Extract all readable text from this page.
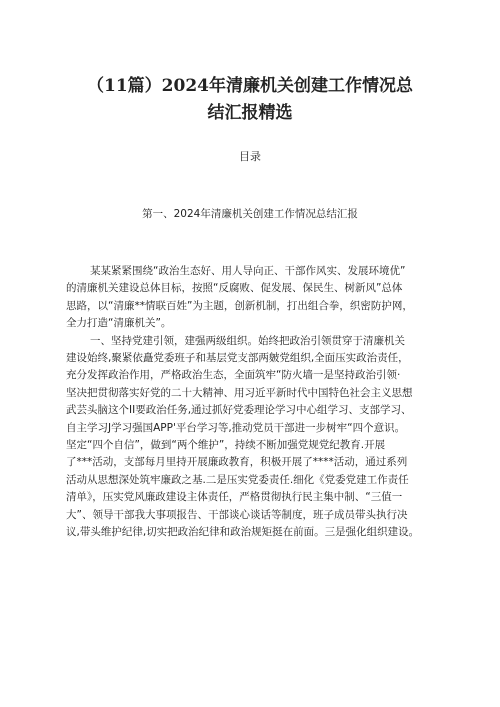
（11篇）2024年清廉机关创建工作情况总
结汇报精选
目录
第一、2024年清廉机关创建工作情况总结汇报
某某紧紧围绕“政治生态好、用人导向正、干部作风实、发展环境优”
的清廉机关建设总体目标，按照“反腐败、促发展、保民生、树新风”总体
思路，以“清廉**情联百姓”为主题，创新机制，打出组合拳，织密防护网，
全力打造“清廉机关”。
一、坚持党建引领，建强两级组织。始终把政治引领贯穿于清廉机关
建设始终,聚紧依矗党委班子和基层党支部两皴党组织,全面压实政治责任，
充分发挥政治作用，严格政治生态，全面筑牢“防火墙一是坚持政治引领·
坚决把贯彻落实好党的二十大精神、用习近平新时代中国特色社会主义思想
武芸头脑这个II要政治任务,通过抓好党委理论学习中心组学习、支部学习、
自主学习J学习强国APP'平台学习等,推动党员干部进一步树牢“四个意识。
坚定“四个自信”，做到“两个维护”，持续不断加强党规党纪教育.开展
了***活动，支部每月里持开展廉政教育，积极开展了****活动，通过系列
活动从思想深处筑牢廉政之基.二是压实党委责任.细化《党委党建工作责任
清单》，压实党风廉政建设主体责任，严格贯彻执行民主集中制、“三值一
大”、领导干部我大事项报告、干部谈心谈话等制度，班子成员带头执行决
议,带头维护纪律,切实把政治纪律和政治规矩挺在前面。三是强化组织建设。
